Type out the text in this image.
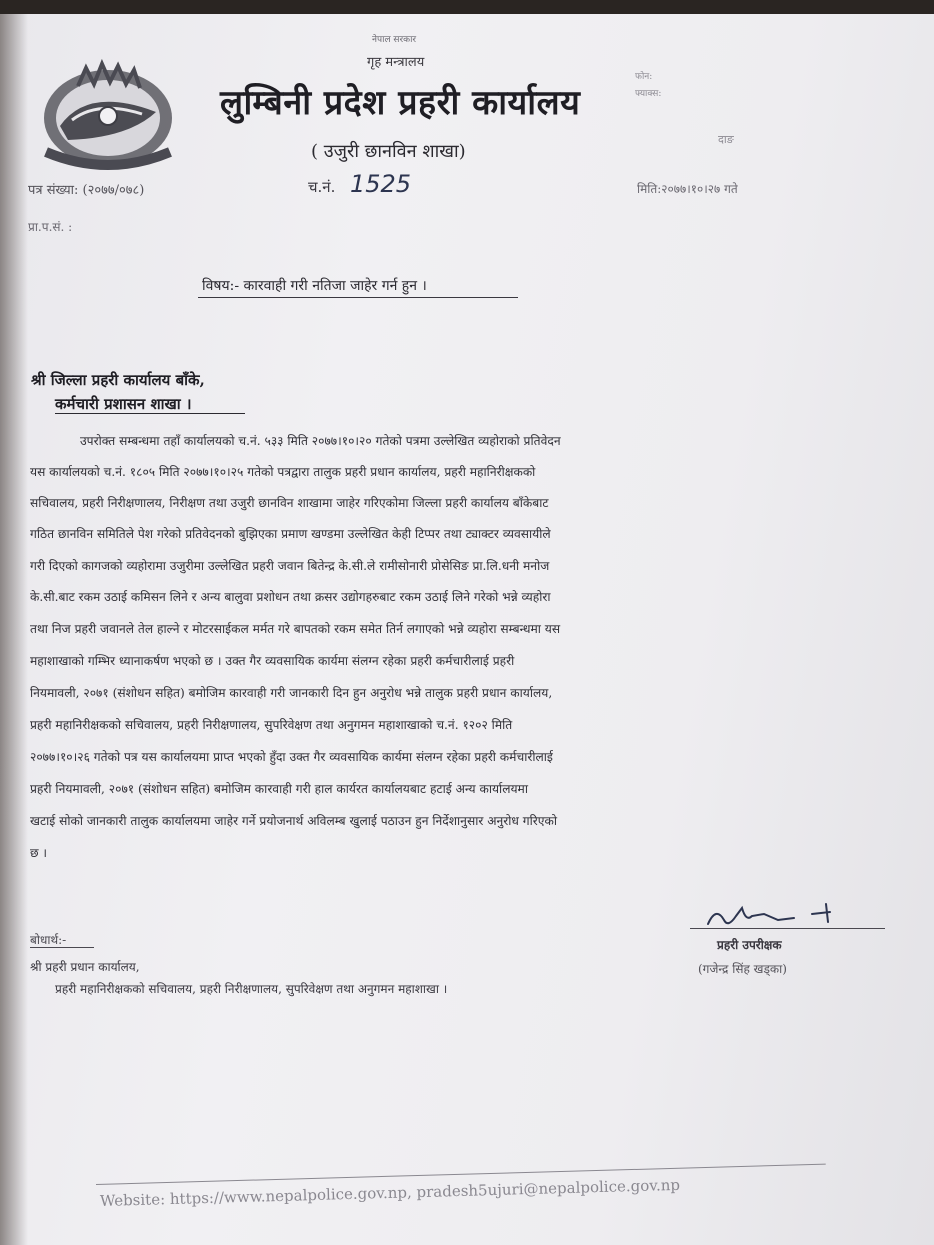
नेपाल सरकार
गृह मन्त्रालय
लुम्बिनी प्रदेश प्रहरी कार्यालय
( उजुरी छानविन शाखा)
फोन:
फ्याक्स:
दाङ
पत्र संख्या: (२०७७/०७८)	च.नं. 1525	मिति:२०७७।१०।२७ गते
प्रा.प.सं. :
विषय:- कारवाही गरी नतिजा जाहेर गर्न हुन ।
श्री जिल्ला प्रहरी कार्यालय बाँके,
कर्मचारी प्रशासन शाखा ।
उपरोक्त सम्बन्धमा तहाँ कार्यालयको च.नं. ५३३ मिति २०७७।१०।२० गतेको पत्रमा उल्लेखित व्यहोराको प्रतिवेदन
यस कार्यालयको च.नं. १८०५ मिति २०७७।१०।२५ गतेको पत्रद्वारा तालुक प्रहरी प्रधान कार्यालय, प्रहरी महानिरीक्षकको
सचिवालय, प्रहरी निरीक्षणालय, निरीक्षण तथा उजुरी छानविन शाखामा जाहेर गरिएकोमा जिल्ला प्रहरी कार्यालय बाँकेबाट
गठित छानविन समितिले पेश गरेको प्रतिवेदनको बुझिएका प्रमाण खण्डमा उल्लेखित केही टिप्पर तथा ट्याक्टर व्यवसायीले
गरी दिएको कागजको व्यहोरामा उजुरीमा उल्लेखित प्रहरी जवान बितेन्द्र के.सी.ले रामीसोनारी प्रोसेसिङ प्रा.लि.धनी मनोज
के.सी.बाट रकम उठाई कमिसन लिने र अन्य बालुवा प्रशोधन तथा क्रसर उद्योगहरुबाट रकम उठाई लिने गरेको भन्ने व्यहोरा
तथा निज प्रहरी जवानले तेल हाल्ने र मोटरसाईकल मर्मत गरे बापतको रकम समेत तिर्न लगाएको भन्ने व्यहोरा सम्बन्धमा यस
महाशाखाको गम्भिर ध्यानाकर्षण भएको छ । उक्त गैर व्यवसायिक कार्यमा संलग्न रहेका प्रहरी कर्मचारीलाई प्रहरी
नियमावली, २०७१ (संशोधन सहित) बमोजिम कारवाही गरी जानकारी दिन हुन अनुरोध भन्ने तालुक प्रहरी प्रधान कार्यालय,
प्रहरी महानिरीक्षकको सचिवालय, प्रहरी निरीक्षणालय, सुपरिवेक्षण तथा अनुगमन महाशाखाको च.नं. १२०२ मिति
२०७७।१०।२६ गतेको पत्र यस कार्यालयमा प्राप्त भएको हुँदा उक्त गैर व्यवसायिक कार्यमा संलग्न रहेका प्रहरी कर्मचारीलाई
प्रहरी नियमावली, २०७१ (संशोधन सहित) बमोजिम कारवाही गरी हाल कार्यरत कार्यालयबाट हटाई अन्य कार्यालयमा
खटाई सोको जानकारी तालुक कार्यालयमा जाहेर गर्ने प्रयोजनार्थ अविलम्ब खुलाई पठाउन हुन निर्देशानुसार अनुरोध गरिएको
छ ।
प्रहरी उपरीक्षक
(गजेन्द्र सिंह खड्का)
बोधार्थ:-
श्री प्रहरी प्रधान कार्यालय,
प्रहरी महानिरीक्षकको सचिवालय, प्रहरी निरीक्षणालय, सुपरिवेक्षण तथा अनुगमन महाशाखा ।
Website: https://www.nepalpolice.gov.np, pradesh5ujuri@nepalpolice.gov.np
